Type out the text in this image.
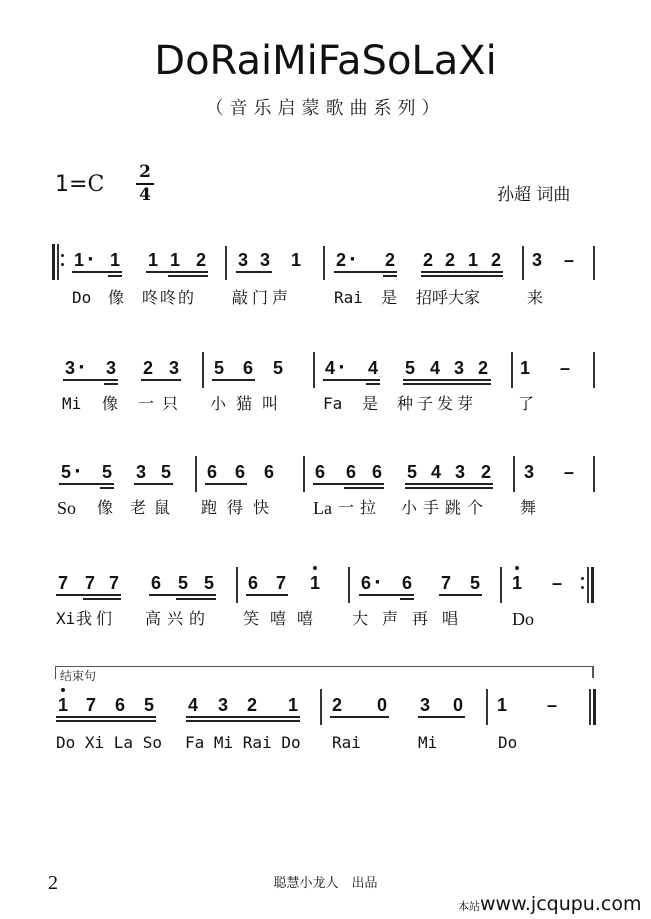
DoRaiMiFaSoLaXi
（音乐启蒙歌曲系列）
1=C 2
4	孙超 词曲
1 · 1 1 1 2 3 3 1 2 · 2 2 2 1 2 3 –
Do 像 咚咚的 敲门声	Rai 是 招呼大家	来
3 · 3 2 3 5 6 5 4 · 4 5 4 3 2 1 –
Mi 像 一只 小猫叫 Fa 是 种子发芽	了
5 · 5 3 5 6 6 6 6 6 6 5 4 3 2 3 –
So 像 老鼠 跑得快 La 一拉 小手跳个 舞
7 7 7 6 5 5 6 7 1 6 · 6 7 5 1 –
Xi 我们 高兴的 笑嘻嘻 大声再唱 Do
结束句
1 7 6 5 4 3 2 1 2 0 3 0 1 –
Do Xi La So Fa Mi Rai Do Rai	Mi	Do
2	聪慧小龙人　出品
本站www.jcqupu.com
